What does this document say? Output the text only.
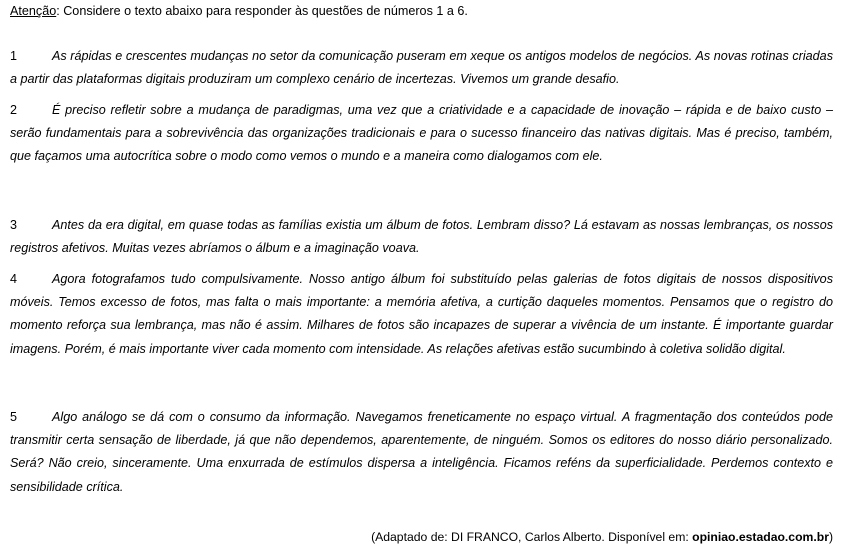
Atenção: Considere o texto abaixo para responder às questões de números 1 a 6.
1	As rápidas e crescentes mudanças no setor da comunicação puseram em xeque os antigos modelos de negócios. As novas rotinas criadas a partir das plataformas digitais produziram um complexo cenário de incertezas. Vivemos um grande desafio.
2	É preciso refletir sobre a mudança de paradigmas, uma vez que a criatividade e a capacidade de inovação – rápida e de baixo custo – serão fundamentais para a sobrevivência das organizações tradicionais e para o sucesso financeiro das nativas digitais. Mas é preciso, também, que façamos uma autocrítica sobre o modo como vemos o mundo e a maneira como dialogamos com ele.
3	Antes da era digital, em quase todas as famílias existia um álbum de fotos. Lembram disso? Lá estavam as nossas lembranças, os nossos registros afetivos. Muitas vezes abríamos o álbum e a imaginação voava.
4	Agora fotografamos tudo compulsivamente. Nosso antigo álbum foi substituído pelas galerias de fotos digitais de nossos dispositivos móveis. Temos excesso de fotos, mas falta o mais importante: a memória afetiva, a curtição daqueles momentos. Pensamos que o registro do momento reforça sua lembrança, mas não é assim. Milhares de fotos são incapazes de superar a vivência de um instante. É importante guardar imagens. Porém, é mais importante viver cada momento com intensidade. As relações afetivas estão sucumbindo à coletiva solidão digital.
5	Algo análogo se dá com o consumo da informação. Navegamos freneticamente no espaço virtual. A fragmentação dos conteúdos pode transmitir certa sensação de liberdade, já que não dependemos, aparentemente, de ninguém. Somos os editores do nosso diário personalizado. Será? Não creio, sinceramente. Uma enxurrada de estímulos dispersa a inteligência. Ficamos reféns da superficialidade. Perdemos contexto e sensibilidade crítica.
(Adaptado de: DI FRANCO, Carlos Alberto. Disponível em: opiniao.estadao.com.br)
